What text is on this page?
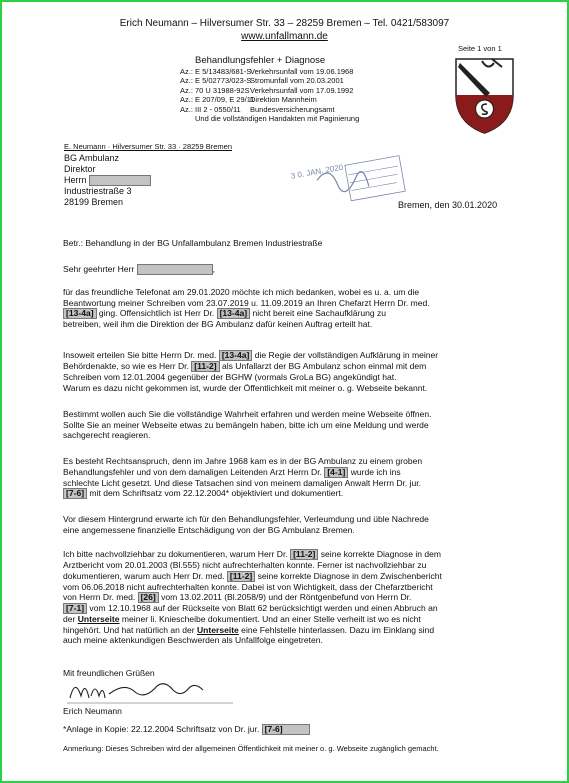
Erich Neumann – Hilversumer Str. 33 – 28259 Bremen – Tel. 0421/583097
www.unfallmann.de
Behandlungsfehler + Diagnose
Az.: E 5/13483/681-S
Verkehrsunfall vom 19.06.1968
Az.: E 5/02773/023-S
Stromunfall vom 20.03.2001
Az.: 70 U 31988-92S Verkehrsunfall vom 17.09.1992
Az.: E 207/09, E 29/11
Direktion Mannheim
Az.: III 2 - 0550/11	Bundesversicherungsamt
Und die vollständigen Handakten mit Paginierung
Seite 1 von 1
E. Neumann · Hilversumer Str. 33 · 28259 Bremen
BG Ambulanz
Direktor
Herrn
Industriestraße 3
28199 Bremen
3 0. JAN. 2020
Bremen, den 30.01.2020
Betr.: Behandlung in der BG Unfallambulanz Bremen Industriestraße
Sehr geehrter Herr	,
für das freundliche Telefonat am 29.01.2020 möchte ich mich bedanken, wobei es u. a. um die
Beantwortung meiner Schreiben vom 23.07.2019 u. 11.09.2019 an Ihren Chefarzt Herrn Dr. med.
[13-4a] ging. Offensichtlich ist Herr Dr. [13-4a] nicht bereit eine Sachaufklärung zu
betreiben, weil ihm die Direktion der BG Ambulanz dafür keinen Auftrag erteilt hat.
Insoweit erteilen Sie bitte Herrn Dr. med. [13-4a] die Regie der vollständigen Aufklärung in meiner
Behördenakte, so wie es Herr Dr. [11-2] als Unfallarzt der BG Ambulanz schon einmal mit dem
Schreiben vom 12.01.2004 gegenüber der BGHW (vormals GroLa BG) angekündigt hat.
Warum es dazu nicht gekommen ist, wurde der Öffentlichkeit mit meiner o. g. Webseite bekannt.
Bestimmt wollen auch Sie die vollständige Wahrheit erfahren und werden meine Webseite öffnen.
Sollte Sie an meiner Webseite etwas zu bemängeln haben, bitte ich um eine Meldung und werde
sachgerecht reagieren.
Es besteht Rechtsanspruch, denn im Jahre 1968 kam es in der BG Ambulanz zu einem groben
Behandlungsfehler und von dem damaligen Leitenden Arzt Herrn Dr. [4-1] wurde ich ins
schlechte Licht gesetzt. Und diese Tatsachen sind von meinem damaligen Anwalt Herrn Dr. jur.
[7-6] mit dem Schriftsatz vom 22.12.2004* objektiviert und dokumentiert.
Vor diesem Hintergrund erwarte ich für den Behandlungsfehler, Verleumdung und üble Nachrede
eine angemessene finanzielle Entschädigung von der BG Ambulanz Bremen.
Ich bitte nachvollziehbar zu dokumentieren, warum Herr Dr. [11-2] seine korrekte Diagnose in dem
Arztbericht vom 20.01.2003 (Bl.555) nicht aufrechterhalten konnte. Ferner ist nachvollziehbar zu
dokumentieren, warum auch Herr Dr. med. [11-2] seine korrekte Diagnose in dem Zwischenbericht
vom 06.06.2018 nicht aufrechterhalten konnte. Dabei ist von Wichtigkeit, dass der Chefarztbericht
von Herrn Dr. med. [26] vom 13.02.2011 (Bl.2058/9) und der Röntgenbefund von Herrn Dr.
[7-1] vom 12.10.1968 auf der Rückseite von Blatt 62 berücksichtigt werden und einen Abbruch an
der Unterseite meiner li. Kniescheibe dokumentiert. Und an einer Stelle verheilt ist wo es nicht
hingehört. Und hat natürlich an der Unterseite eine Fehlstelle hinterlassen. Dazu im Einklang sind
auch meine aktenkundigen Beschwerden als Unfallfolge eingetreten.
Mit freundlichen Grüßen
Erich Neumann
*Anlage in Kopie: 22.12.2004 Schriftsatz von Dr. jur. [7-6]
Anmerkung: Dieses Schreiben wird der allgemeinen Öffentlichkeit mit meiner o. g. Webseite zugänglich gemacht.
